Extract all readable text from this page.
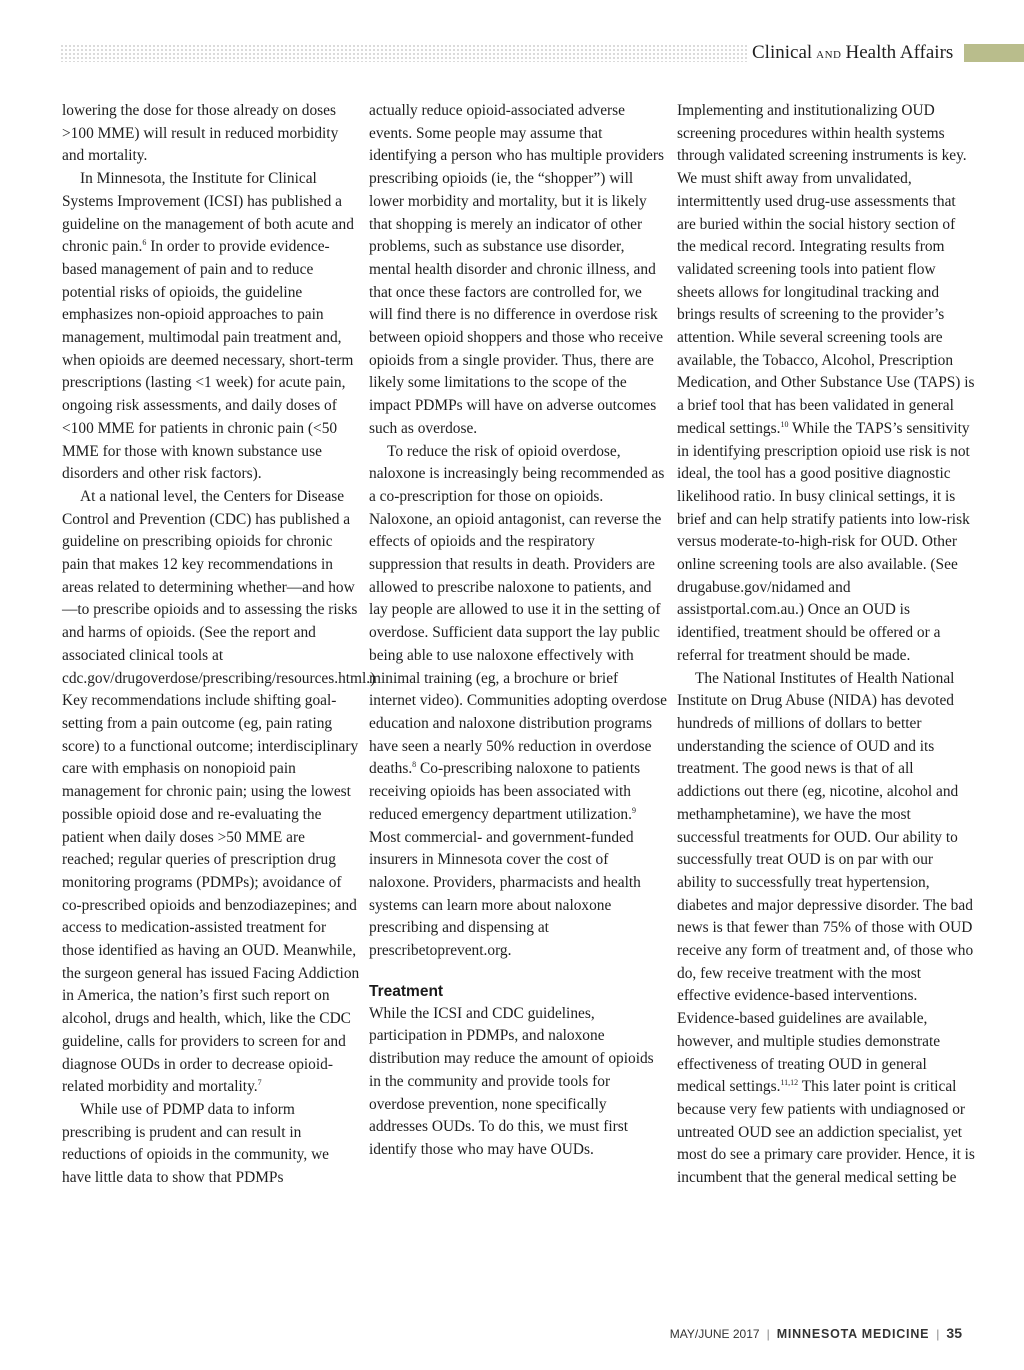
Clinical AND Health Affairs

lowering the dose for those already on doses >100 MME) will result in reduced morbidity and mortality.

In Minnesota, the Institute for Clinical Systems Improvement (ICSI) has published a guideline on the management of both acute and chronic pain.$^6$ In order to provide evidence-based management of pain and to reduce potential risks of opioids, the guideline emphasizes non-opioid approaches to pain management, multimodal pain treatment and, when opioids are deemed necessary, short-term prescriptions (lasting <1 week) for acute pain, ongoing risk assessments, and daily doses of <100 MME for patients in chronic pain (<50 MME for those with known substance use disorders and other risk factors).

At a national level, the Centers for Disease Control and Prevention (CDC) has published a guideline on prescribing opioids for chronic pain that makes 12 key recommendations in areas related to determining whether—and how—to prescribe opioids and to assessing the risks and harms of opioids. (See the report and associated clinical tools at cdc.gov/drugoverdose/prescribing/resources.html.) Key recommendations include shifting goal-setting from a pain outcome (eg, pain rating score) to a functional outcome; interdisciplinary care with emphasis on nonopioid pain management for chronic pain; using the lowest possible opioid dose and re-evaluating the patient when daily doses >50 MME are reached; regular queries of prescription drug monitoring programs (PDMPs); avoidance of co-prescribed opioids and benzodiazepines; and access to medication-assisted treatment for those identified as having an OUD. Meanwhile, the surgeon general has issued Facing Addiction in America, the nation’s first such report on alcohol, drugs and health, which, like the CDC guideline, calls for providers to screen for and diagnose OUDs in order to decrease opioid-related morbidity and mortality.$^7$

While use of PDMP data to inform prescribing is prudent and can result in reductions of opioids in the community, we have little data to show that PDMPs

actually reduce opioid-associated adverse events. Some people may assume that identifying a person who has multiple providers prescribing opioids (ie, the “shopper”) will lower morbidity and mortality, but it is likely that shopping is merely an indicator of other problems, such as substance use disorder, mental health disorder and chronic illness, and that once these factors are controlled for, we will find there is no difference in overdose risk between opioid shoppers and those who receive opioids from a single provider. Thus, there are likely some limitations to the scope of the impact PDMPs will have on adverse outcomes such as overdose.

To reduce the risk of opioid overdose, naloxone is increasingly being recommended as a co-prescription for those on opioids. Naloxone, an opioid antagonist, can reverse the effects of opioids and the respiratory suppression that results in death. Providers are allowed to prescribe naloxone to patients, and lay people are allowed to use it in the setting of overdose. Sufficient data support the lay public being able to use naloxone effectively with minimal training (eg, a brochure or brief internet video). Communities adopting overdose education and naloxone distribution programs have seen a nearly 50% reduction in overdose deaths.$^8$ Co-prescribing naloxone to patients receiving opioids has been associated with reduced emergency department utilization.$^9$ Most commercial- and government-funded insurers in Minnesota cover the cost of naloxone. Providers, pharmacists and health systems can learn more about naloxone prescribing and dispensing at prescribetoprevent.org.

Treatment

While the ICSI and CDC guidelines, participation in PDMPs, and naloxone distribution may reduce the amount of opioids in the community and provide tools for overdose prevention, none specifically addresses OUDs. To do this, we must first identify those who may have OUDs.

Implementing and institutionalizing OUD screening procedures within health systems through validated screening instruments is key. We must shift away from unvalidated, intermittently used drug-use assessments that are buried within the social history section of the medical record. Integrating results from validated screening tools into patient flow sheets allows for longitudinal tracking and brings results of screening to the provider’s attention. While several screening tools are available, the Tobacco, Alcohol, Prescription Medication, and Other Substance Use (TAPS) is a brief tool that has been validated in general medical settings.$^{10}$ While the TAPS’s sensitivity in identifying prescription opioid use risk is not ideal, the tool has a good positive diagnostic likelihood ratio. In busy clinical settings, it is brief and can help stratify patients into low-risk versus moderate-to-high-risk for OUD. Other online screening tools are also available. (See drugabuse.gov/nidamed and assistportal.com.au.) Once an OUD is identified, treatment should be offered or a referral for treatment should be made.

The National Institutes of Health National Institute on Drug Abuse (NIDA) has devoted hundreds of millions of dollars to better understanding the science of OUD and its treatment. The good news is that of all addictions out there (eg, nicotine, alcohol and methamphetamine), we have the most successful treatments for OUD. Our ability to successfully treat OUD is on par with our ability to successfully treat hypertension, diabetes and major depressive disorder. The bad news is that fewer than 75% of those with OUD receive any form of treatment and, of those who do, few receive treatment with the most effective evidence-based interventions. Evidence-based guidelines are available, however, and multiple studies demonstrate effectiveness of treating OUD in general medical settings.$^{11,12}$ This later point is critical because very few patients with undiagnosed or untreated OUD see an addiction specialist, yet most do see a primary care provider. Hence, it is incumbent that the general medical setting be

MAY/JUNE 2017 | MINNESOTA MEDICINE | 35
